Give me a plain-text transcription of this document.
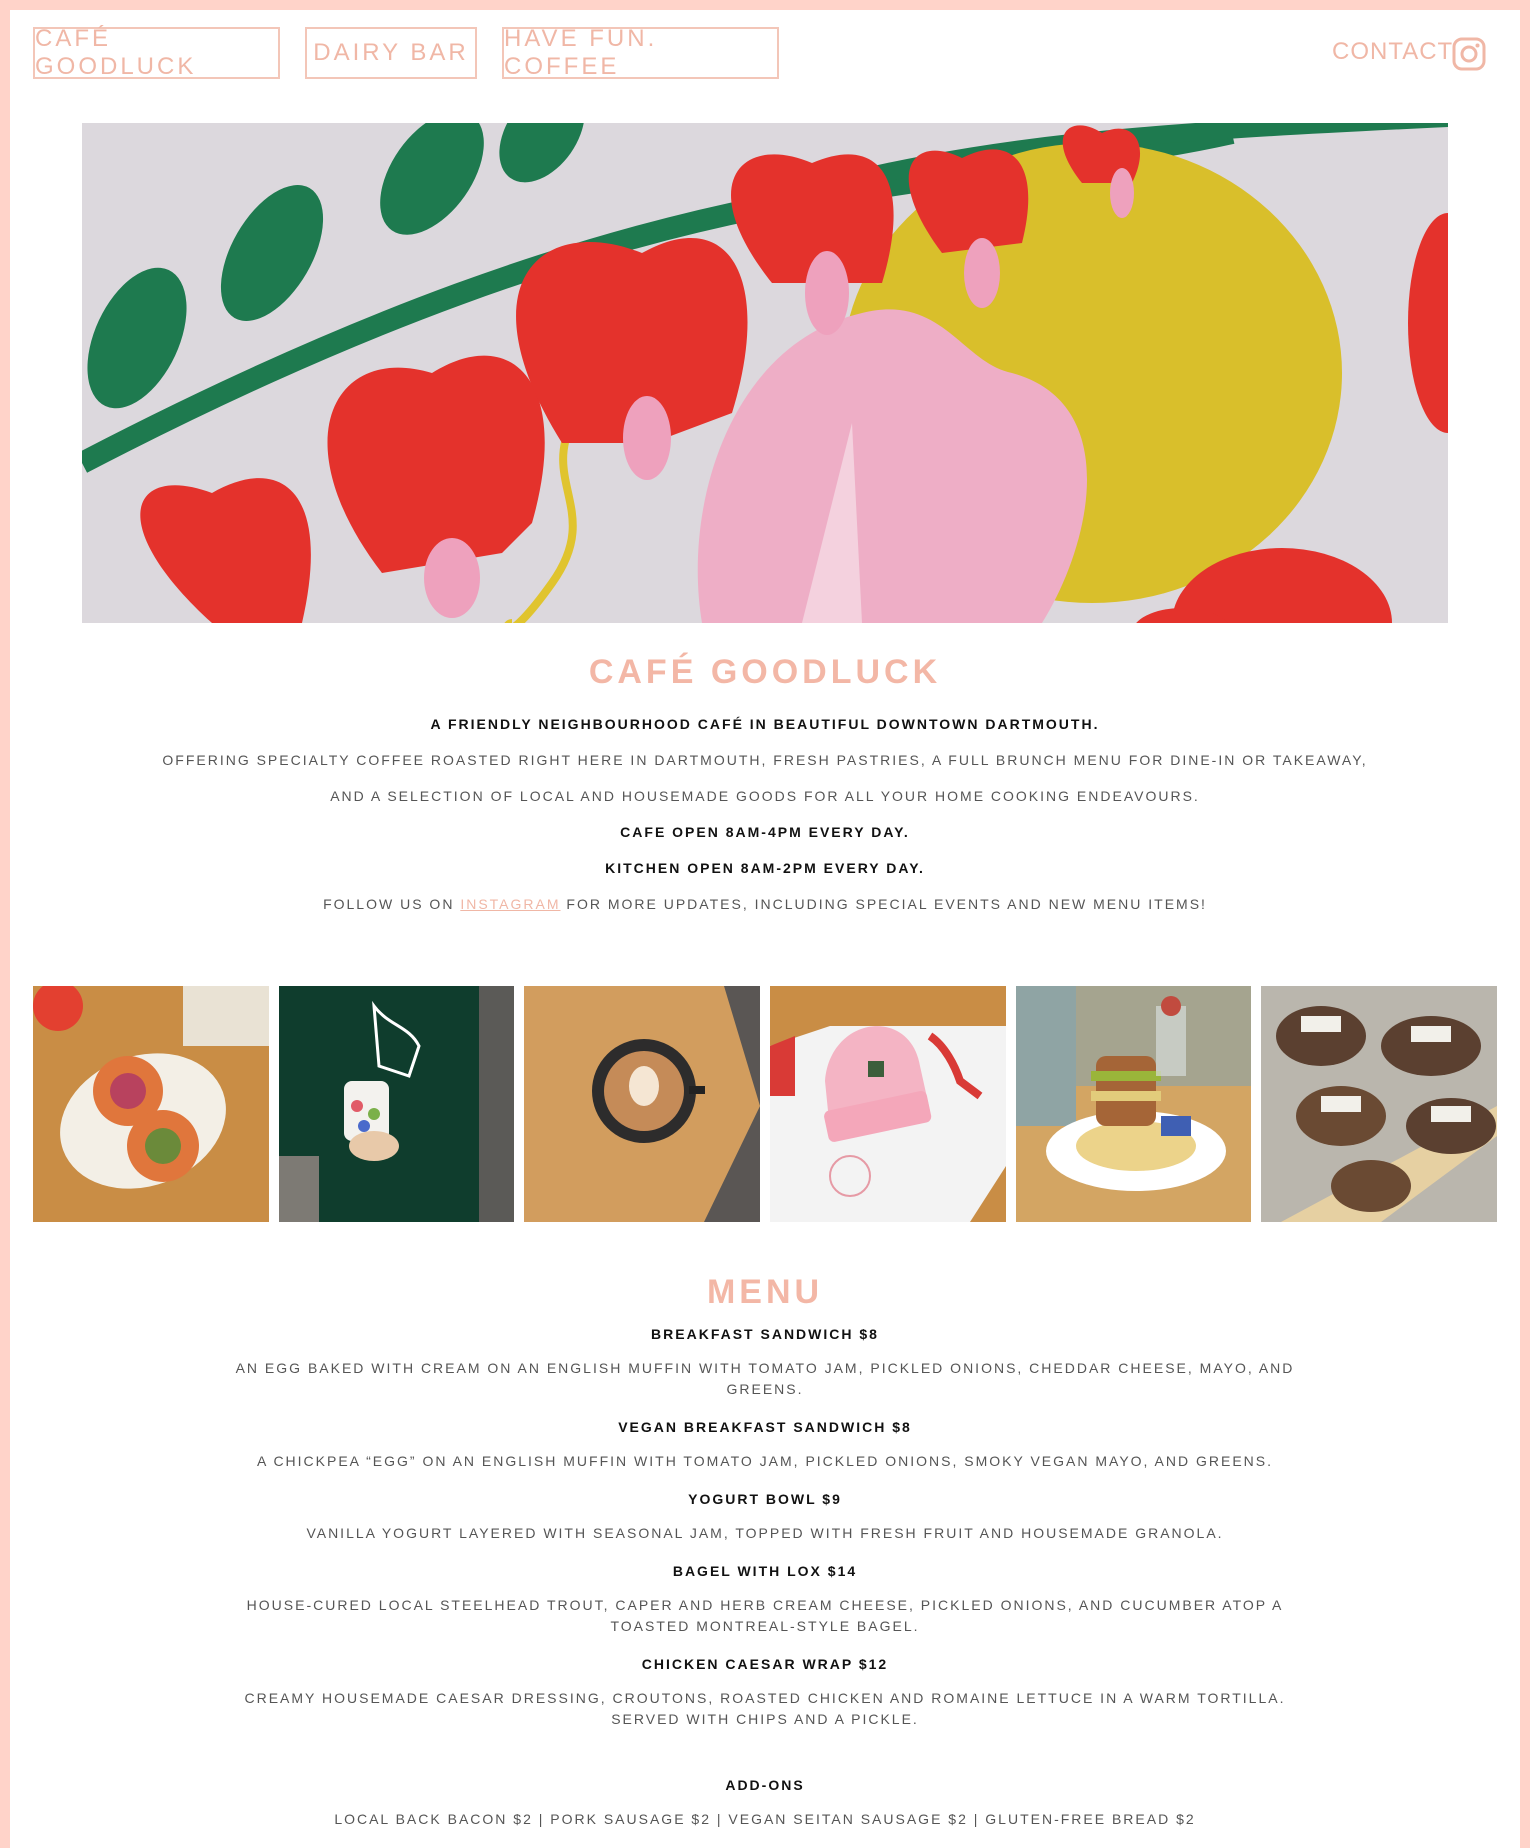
CAFÉ GOODLUCK
DAIRY BAR
HAVE FUN. COFFEE
CONTACT
CAFÉ GOODLUCK
A FRIENDLY NEIGHBOURHOOD CAFÉ IN BEAUTIFUL DOWNTOWN DARTMOUTH.
OFFERING SPECIALTY COFFEE ROASTED RIGHT HERE IN DARTMOUTH, FRESH PASTRIES, A FULL BRUNCH MENU FOR DINE-IN OR TAKEAWAY,
AND A SELECTION OF LOCAL AND HOUSEMADE GOODS FOR ALL YOUR HOME COOKING ENDEAVOURS.
CAFE OPEN 8AM-4PM EVERY DAY.
KITCHEN OPEN 8AM-2PM EVERY DAY.
FOLLOW US ON INSTAGRAM FOR MORE UPDATES, INCLUDING SPECIAL EVENTS AND NEW MENU ITEMS!
MENU
BREAKFAST SANDWICH $8
AN EGG BAKED WITH CREAM ON AN ENGLISH MUFFIN WITH TOMATO JAM, PICKLED ONIONS, CHEDDAR CHEESE, MAYO, AND GREENS.
VEGAN BREAKFAST SANDWICH $8
A CHICKPEA “EGG” ON AN ENGLISH MUFFIN WITH TOMATO JAM, PICKLED ONIONS, SMOKY VEGAN MAYO, AND GREENS.
YOGURT BOWL $9
VANILLA YOGURT LAYERED WITH SEASONAL JAM, TOPPED WITH FRESH FRUIT AND HOUSEMADE GRANOLA.
BAGEL WITH LOX $14
HOUSE-CURED LOCAL STEELHEAD TROUT, CAPER AND HERB CREAM CHEESE, PICKLED ONIONS, AND CUCUMBER ATOP A TOASTED MONTREAL-STYLE BAGEL.
CHICKEN CAESAR WRAP $12
CREAMY HOUSEMADE CAESAR DRESSING, CROUTONS, ROASTED CHICKEN AND ROMAINE LETTUCE IN A WARM TORTILLA. SERVED WITH CHIPS AND A PICKLE.
ADD-ONS
LOCAL BACK BACON $2 | PORK SAUSAGE $2 | VEGAN SEITAN SAUSAGE $2 | GLUTEN-FREE BREAD $2
